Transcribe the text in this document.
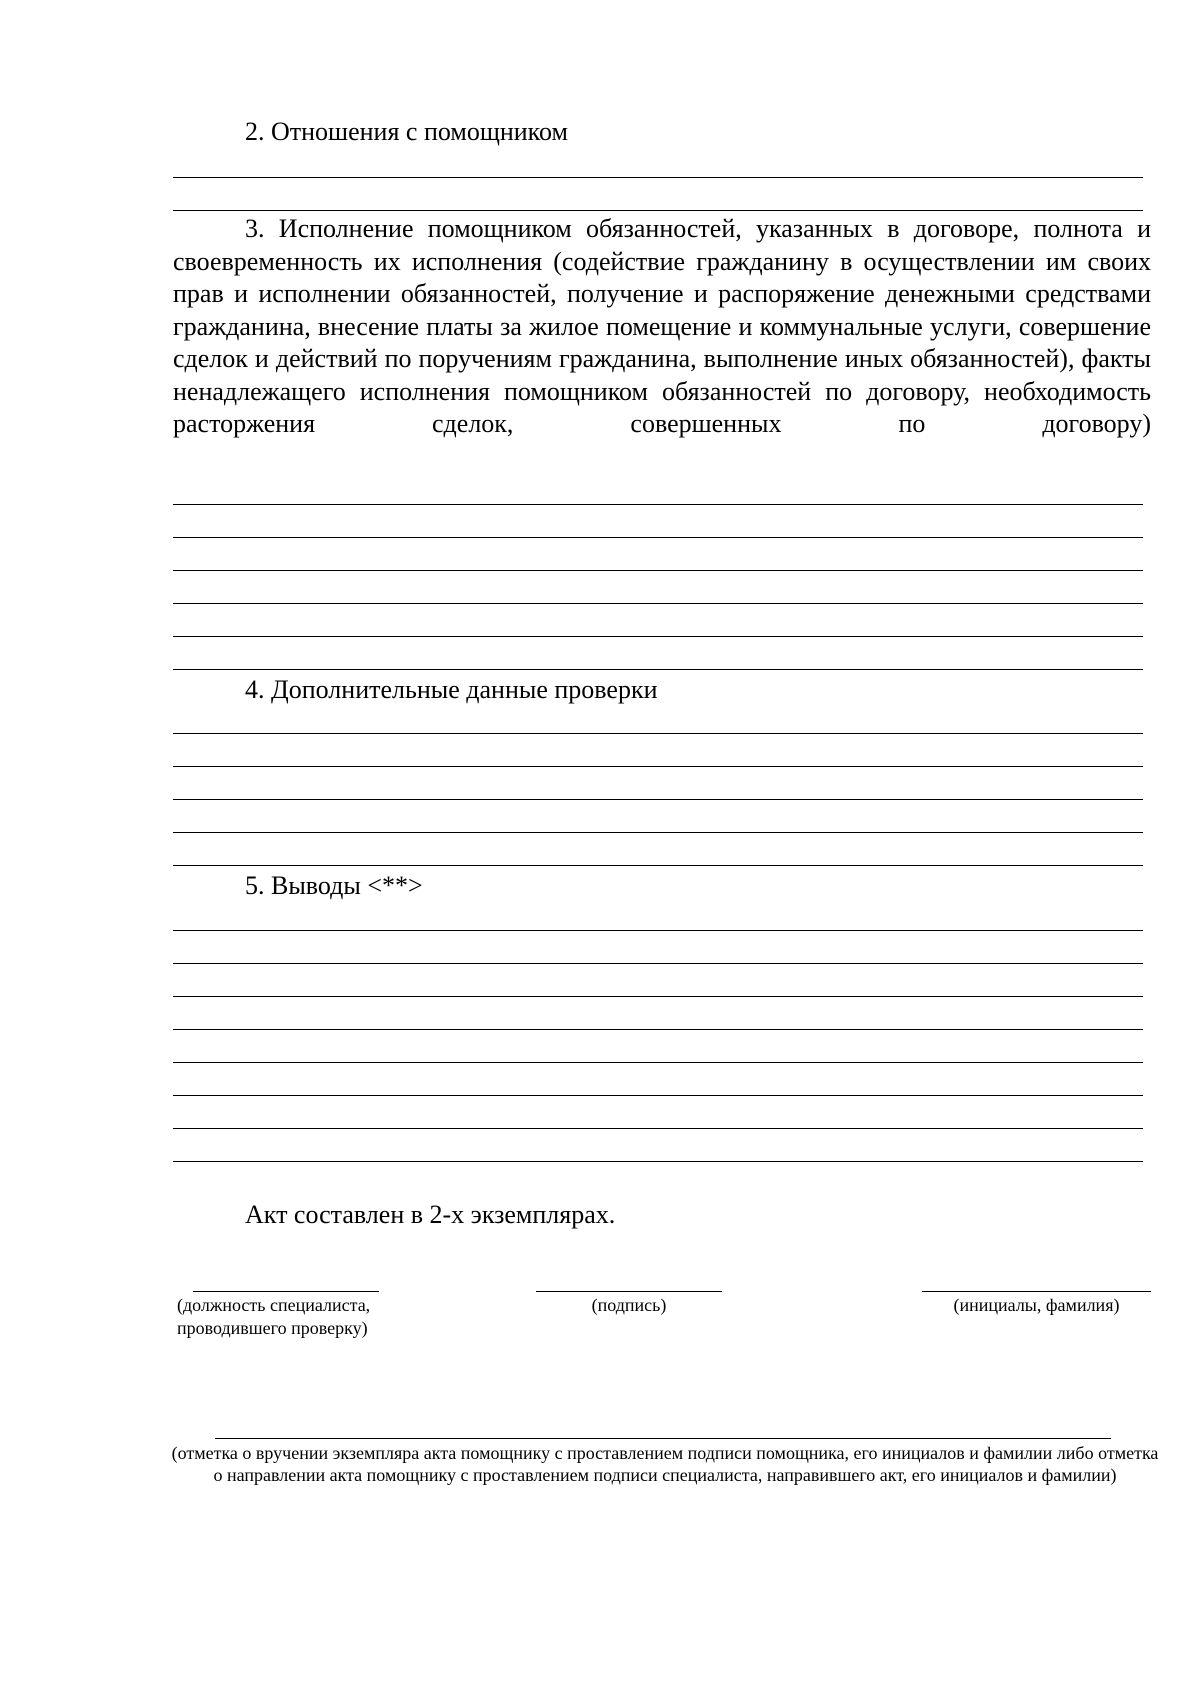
2. Отношения с помощником
3. Исполнение помощником обязанностей, указанных в договоре, полнота и своевременность их исполнения (содействие гражданину в осуществлении им своих прав и исполнении обязанностей, получение и распоряжение денежными средствами гражданина, внесение платы за жилое помещение и коммунальные услуги, совершение сделок и действий по поручениям гражданина, выполнение иных обязанностей), факты ненадлежащего исполнения помощником обязанностей по договору, необходимость расторжения сделок, совершенных по договору)
4. Дополнительные данные проверки
5. Выводы <**>
Акт составлен в 2-х экземплярах.
(должность специалиста,
проводившего проверку)
(подпись)	(инициалы, фамилия)
(отметка о вручении экземпляра акта помощнику с проставлением подписи помощника, его инициалов и фамилии либо отметка о направлении акта помощнику с проставлением подписи специалиста, направившего акт, его инициалов и фамилии)
